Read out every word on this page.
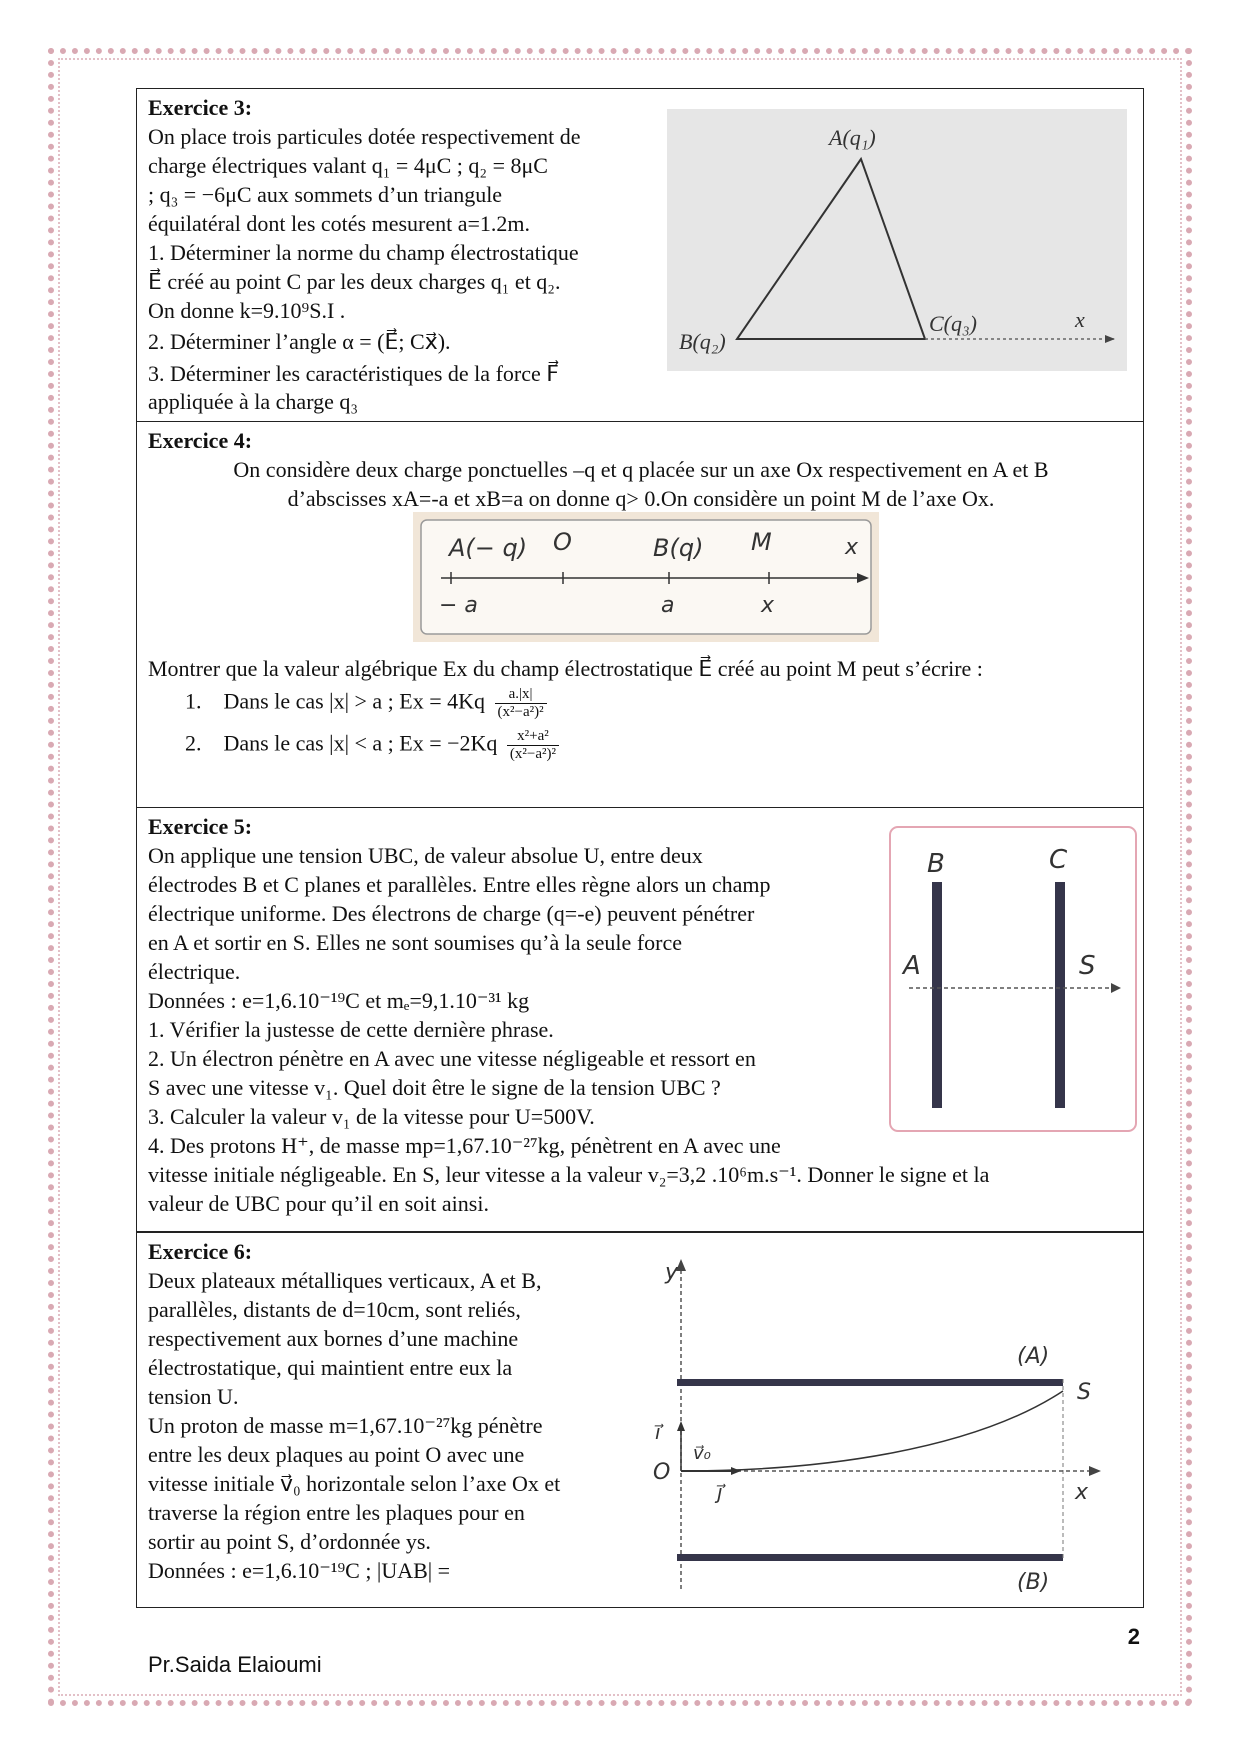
Exercice 3:
On place trois particules dotée respectivement de
charge électriques valant q₁ = 4μC ; q₂ = 8μC
; q₃ = −6μC aux sommets d’un triangule
équilatéral dont les cotés mesurent a=1.2m.
1. Déterminer la norme du champ électrostatique
E⃗ créé au point C par les deux charges q₁ et q₂.
On donne k=9.10⁹S.I .
2. Déterminer l’angle α = (E⃗; Cx⃗).
3. Déterminer les caractéristiques de la force F⃗
appliquée à la charge q₃
A(q₁)
B(q₂)
C(q₃)	x
Exercice 4:
On considère deux charge ponctuelles –q et q placée sur un axe Ox respectivement en A et B
d’abscisses xA=-a et xB=a on donne q> 0.On considère un point M de l’axe Ox.
A(− q) O	B(q) M	x
− a	a	x
Montrer que la valeur algébrique Ex du champ électrostatique E⃗ créé au point M peut s’écrire :
1. Dans le cas |x| > a ; $Ex = 4Kq \frac{a.|x|}{\text{(x²−a²)²}}$
2. Dans le cas |x| < a ; $Ex = -2Kq \frac{\text{x²+a²}}{\text{(x²−a²)²}}$
Exercice 5:
On applique une tension UBC, de valeur absolue U, entre deux
électrodes B et C planes et parallèles. Entre elles règne alors un champ
électrique uniforme. Des électrons de charge (q=-e) peuvent pénétrer
en A et sortir en S. Elles ne sont soumises qu’à la seule force
électrique.
Données : e=1,6.10⁻¹⁹C et mₑ=9,1.10⁻³¹ kg
1. Vérifier la justesse de cette dernière phrase.
2. Un électron pénètre en A avec une vitesse négligeable et ressort en
S avec une vitesse v₁. Quel doit être le signe de la tension UBC ?
3. Calculer la valeur v₁ de la vitesse pour U=500V.
4. Des protons H⁺, de masse mp=1,67.10⁻²⁷kg, pénètrent en A avec une
vitesse initiale négligeable. En S, leur vitesse a la valeur v₂=3,2 .10⁶m.s⁻¹. Donner le signe et la
valeur de UBC pour qu’il en soit ainsi.
B	C
A	S
Exercice 6:
Deux plateaux métalliques verticaux, A et B,
parallèles, distants de d=10cm, sont reliés,
respectivement aux bornes d’une machine
électrostatique, qui maintient entre eux la
tension U.
Un proton de masse m=1,67.10⁻²⁷kg pénètre
entre les deux plaques au point O avec une
vitesse initiale v⃗₀ horizontale selon l’axe Ox et
traverse la région entre les plaques pour en
sortir au point S, d’ordonnée ys.
Données : e=1,6.10⁻¹⁹C ; |UAB| =
y
(A)
S
i⃗
v⃗₀
O
j⃗	x
(B)
2
Pr.Saida Elaioumi
